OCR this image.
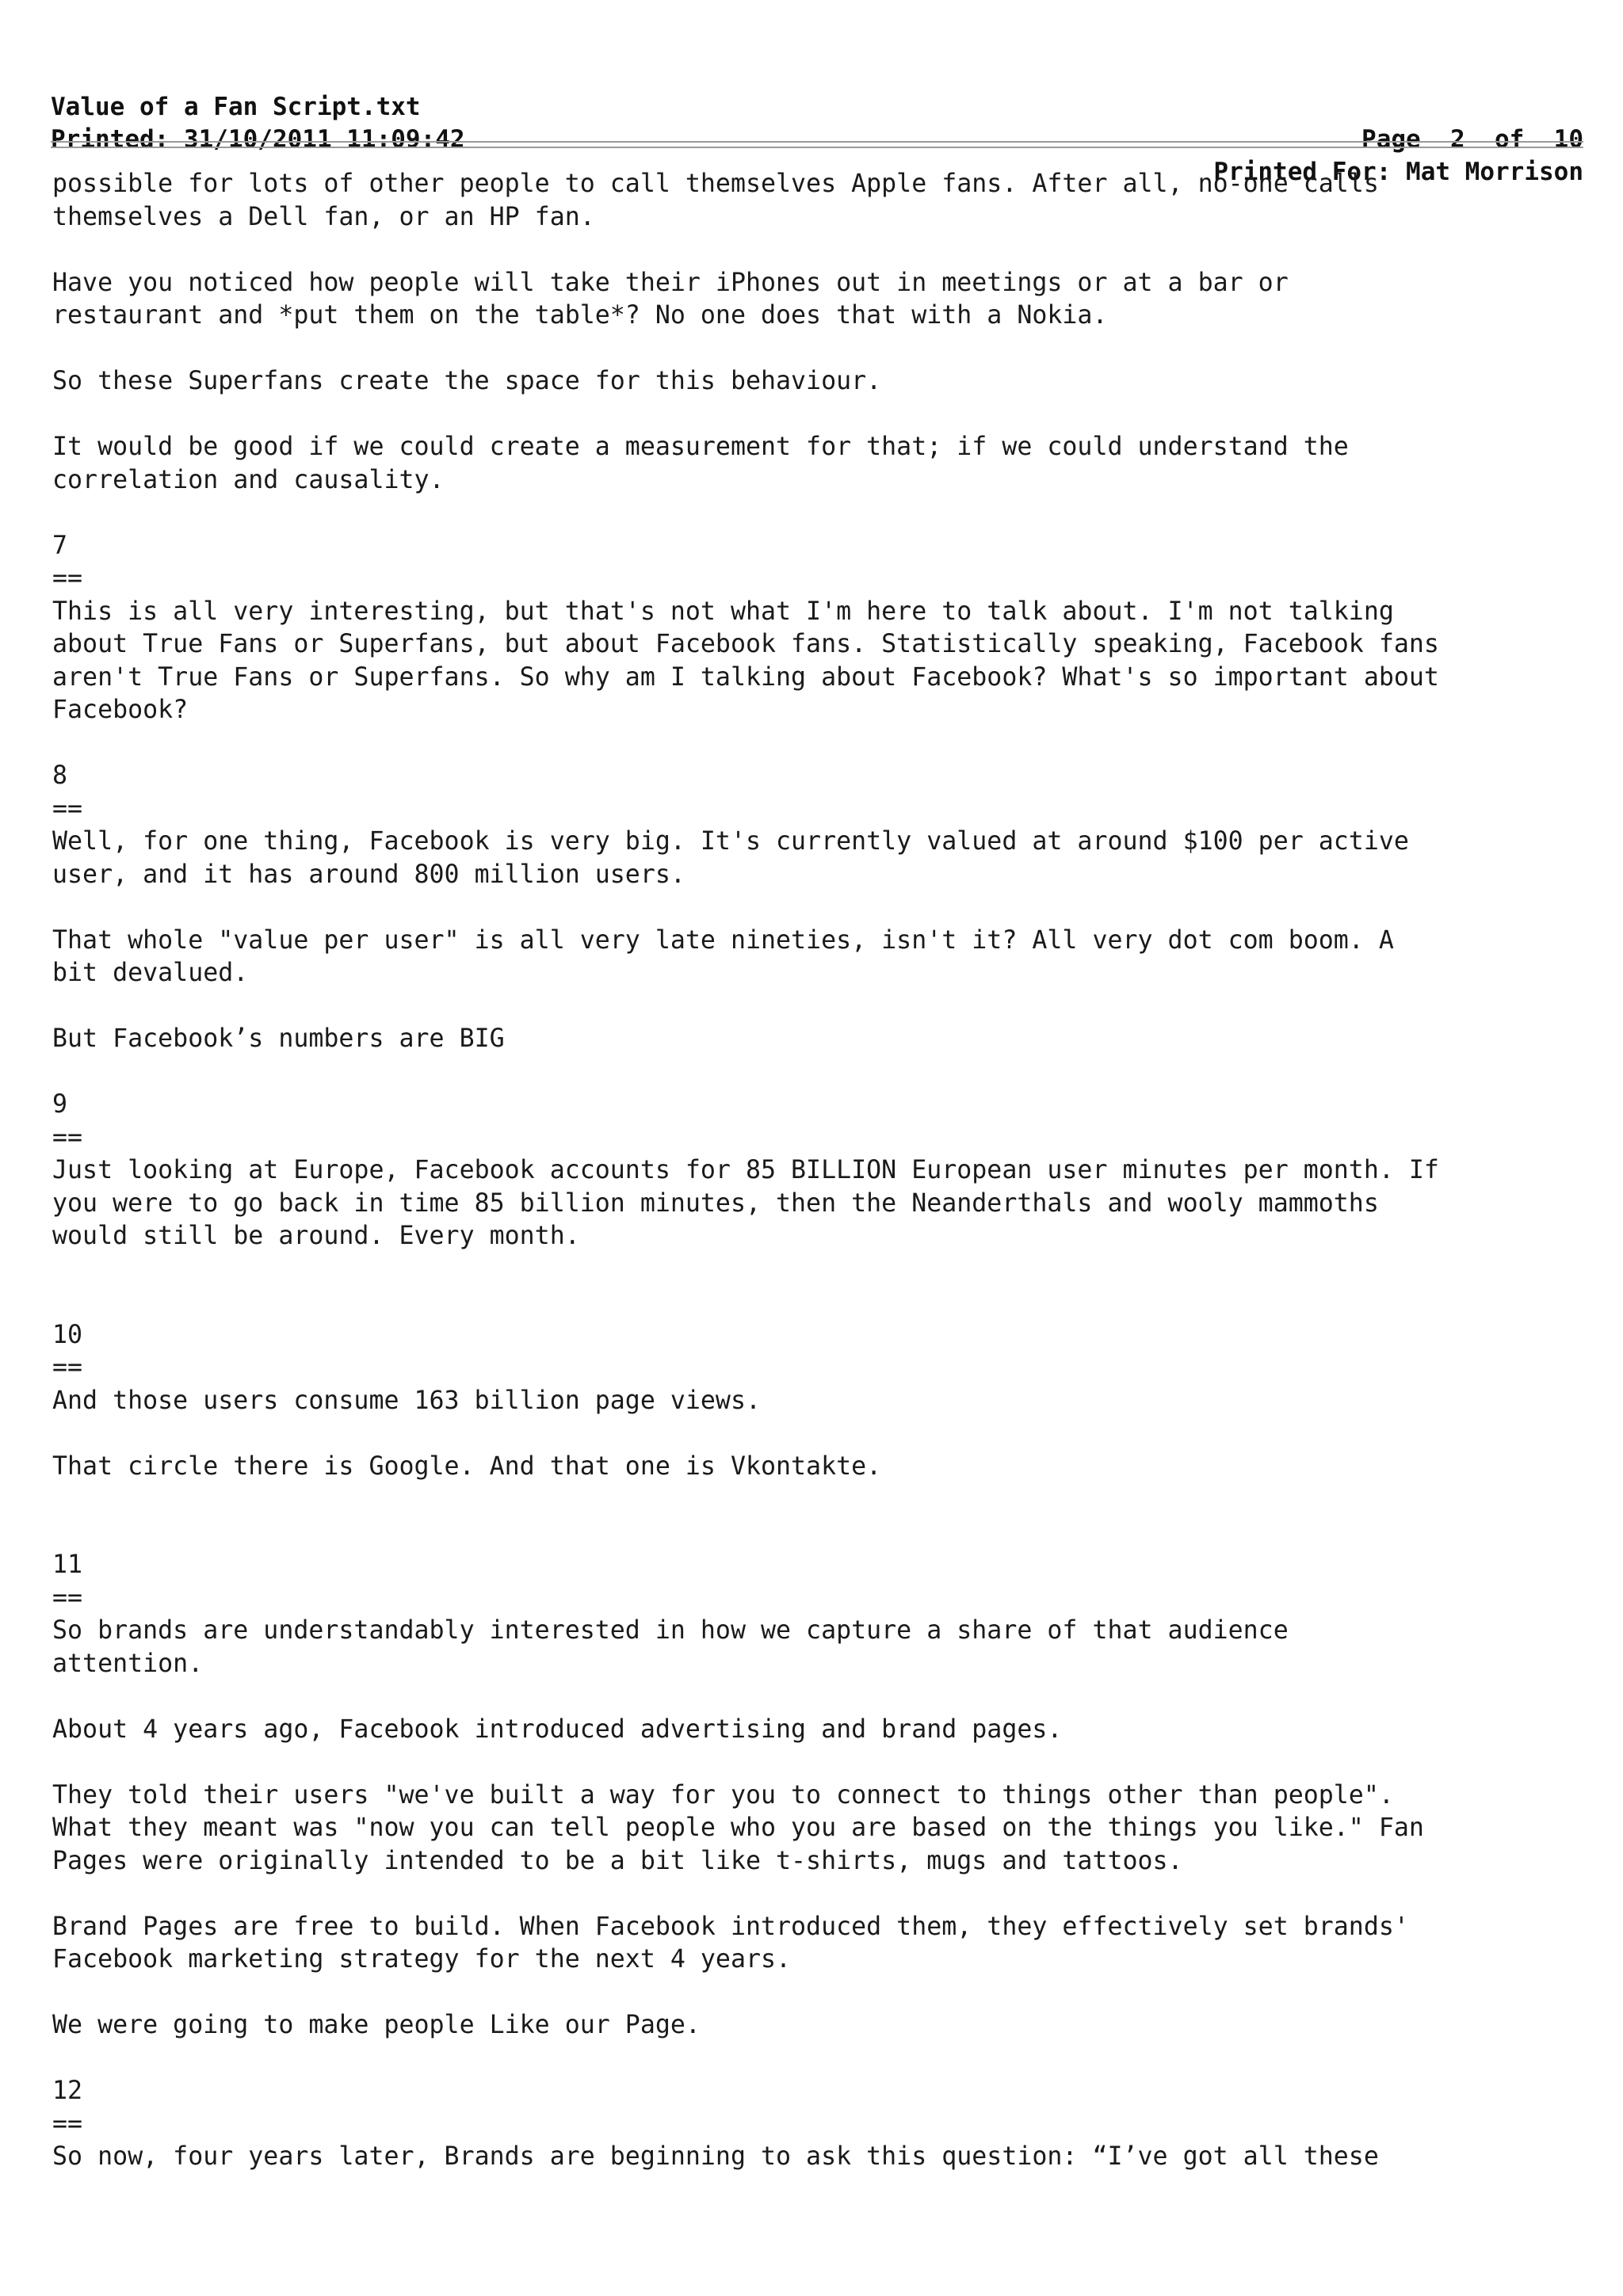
Value of a Fan Script.txt

Page  2  of  10

Printed: 31/10/2011 11:09:42

Printed For: Mat Morrison

possible for lots of other people to call themselves Apple fans. After all, no-one calls
themselves a Dell fan, or an HP fan.
Have you noticed how people will take their iPhones out in meetings or at a bar or
restaurant and *put them on the table*? No one does that with a Nokia.
So these Superfans create the space for this behaviour.
It would be good if we could create a measurement for that; if we could understand the
correlation and causality.
7
==
This is all very interesting, but that's not what I'm here to talk about. I'm not talking
about True Fans or Superfans, but about Facebook fans. Statistically speaking, Facebook fans
aren't True Fans or Superfans. So why am I talking about Facebook? What's so important about
Facebook?
8
==
Well, for one thing, Facebook is very big. It's currently valued at around $100 per active
user, and it has around 800 million users.
That whole "value per user" is all very late nineties, isn't it? All very dot com boom. A
bit devalued.
But Facebook’s numbers are BIG
9
==
Just looking at Europe, Facebook accounts for 85 BILLION European user minutes per month. If
you were to go back in time 85 billion minutes, then the Neanderthals and wooly mammoths
would still be around. Every month.
10
==
And those users consume 163 billion page views.
That circle there is Google. And that one is Vkontakte.
11
==
So brands are understandably interested in how we capture a share of that audience
attention.
About 4 years ago, Facebook introduced advertising and brand pages.
They told their users "we've built a way for you to connect to things other than people".
What they meant was "now you can tell people who you are based on the things you like." Fan
Pages were originally intended to be a bit like t-shirts, mugs and tattoos.
Brand Pages are free to build. When Facebook introduced them, they effectively set brands'
Facebook marketing strategy for the next 4 years.
We were going to make people Like our Page.
12
==
So now, four years later, Brands are beginning to ask this question: “I’ve got all these
